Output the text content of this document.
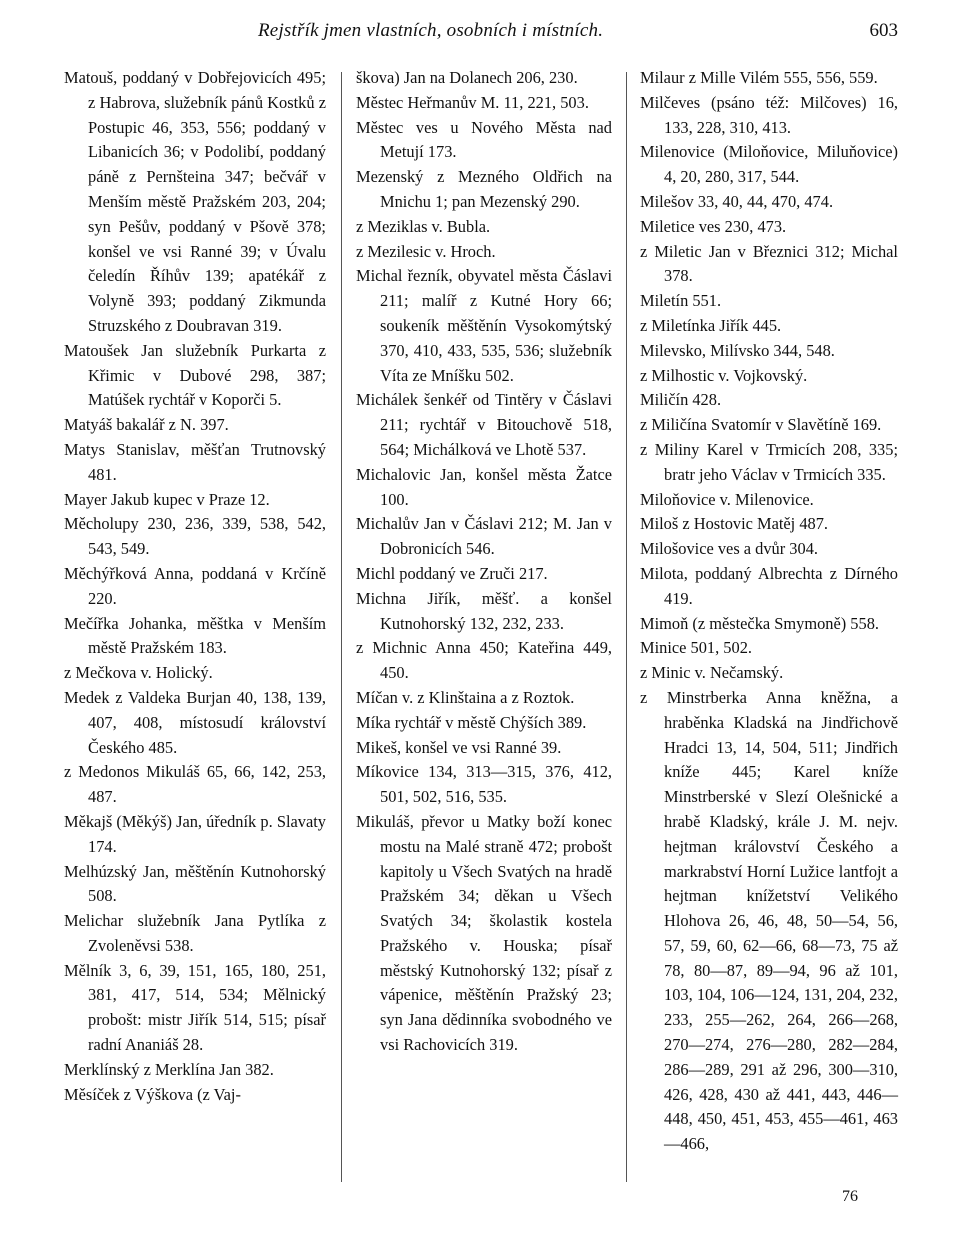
Rejstřík jmen vlastních, osobních i místních.	603

Matouš, poddaný v Dobřejovicích 495; z Habrova, služebník pánů Kostků z Postupic 46, 353, 556; poddaný v Libanicích 36; v Podolibí, poddaný páně z Pernšteina 347; bečvář v Menším městě Pražském 203, 204; syn Pešův, poddaný v Pšově 378; konšel ve vsi Ranné 39; v Úvalu čeledín Říhův 139; apatékář z Volyně 393; poddaný Zikmunda Struzského z Doubravan 319.

Matoušek Jan služebník Purkarta z Křimic v Dubové 298, 387; Matúšek rychtář v Koporči 5.

Matyáš bakalář z N. 397.

Matys Stanislav, měšťan Trutnovský 481.

Mayer Jakub kupec v Praze 12.

Měcholupy 230, 236, 339, 538, 542, 543, 549.

Měchýřková Anna, poddaná v Krčíně 220.

Mečířka Johanka, měštka v Menším městě Pražském 183.

z Mečkova v. Holický.

Medek z Valdeka Burjan 40, 138, 139, 407, 408, místosudí království Českého 485.

z Medonos Mikuláš 65, 66, 142, 253, 487.

Měkajš (Měkýš) Jan, úředník p. Slavaty 174.

Melhúzský Jan, měštěnín Kutnohorský 508.

Melichar služebník Jana Pytlíka z Zvoleněvsi 538.

Mělník 3, 6, 39, 151, 165, 180, 251, 381, 417, 514, 534; Mělnický probošt: mistr Jiřík 514, 515; písař radní Ananiáš 28.

Merklínský z Merklína Jan 382.

Měsíček z Výškova (z Vaj-

škova) Jan na Dolanech 206, 230.

Městec Heřmanův M. 11, 221, 503.

Městec ves u Nového Města nad Metují 173.

Mezenský z Mezného Oldřich na Mnichu 1; pan Mezenský 290.

z Meziklas v. Bubla.

z Mezilesic v. Hroch.

Michal řezník, obyvatel města Čáslavi 211; malíř z Kutné Hory 66; soukeník měštěnín Vysokomýtský 370, 410, 433, 535, 536; služebník Víta ze Mníšku 502.

Michálek šenkéř od Tintěry v Čáslavi 211; rychtář v Bitouchově 518, 564; Michálková ve Lhotě 537.

Michalovic Jan, konšel města Žatce 100.

Michalův Jan v Čáslavi 212; M. Jan v Dobronicích 546.

Michl poddaný ve Zruči 217.

Michna Jiřík, měšť. a konšel Kutnohorský 132, 232, 233.

z Michnic Anna 450; Kateřina 449, 450.

Míčan v. z Klinštaina a z Roztok.

Míka rychtář v městě Chýších 389.

Mikeš, konšel ve vsi Ranné 39.

Míkovice 134, 313—315, 376, 412, 501, 502, 516, 535.

Mikuláš, převor u Matky boží konec mostu na Malé straně 472; probošt kapitoly u Všech Svatých na hradě Pražském 34; děkan u Všech Svatých 34; školastik kostela Pražského v. Houska; písař městský Kutnohorský 132; písař z vápenice, měštěnín Pražský 23; syn Jana dědinníka svobodného ve vsi Rachovicích 319.

Milaur z Mille Vilém 555, 556, 559.

Milčeves (psáno též: Milčoves) 16, 133, 228, 310, 413.

Milenovice (Miloňovice, Miluňovice) 4, 20, 280, 317, 544.

Milešov 33, 40, 44, 470, 474.

Miletice ves 230, 473.

z Miletic Jan v Březnici 312; Michal 378.

Miletín 551.

z Miletínka Jiřík 445.

Milevsko, Milívsko 344, 548.

z Milhostic v. Vojkovský.

Miličín 428.

z Miličína Svatomír v Slavětíně 169.

z Miliny Karel v Trmicích 208, 335; bratr jeho Václav v Trmicích 335.

Miloňovice v. Milenovice.

Miloš z Hostovic Matěj 487.

Milošovice ves a dvůr 304.

Milota, poddaný Albrechta z Dírného 419.

Mimoň (z městečka Smymoně) 558.

Minice 501, 502.

z Minic v. Nečamský.

z Minstrberka Anna kněžna, a hraběnka Kladská na Jindřichově Hradci 13, 14, 504, 511; Jindřich kníže 445; Karel kníže Minstrberské v Slezí Olešnické a hrabě Kladský, krále J. M. nejv. hejtman království Českého a markrabství Horní Lužice lantfojt a hejtman knížetství Velikého Hlohova 26, 46, 48, 50—54, 56, 57, 59, 60, 62—66, 68—73, 75 až 78, 80—87, 89—94, 96 až 101, 103, 104, 106—124, 131, 204, 232, 233, 255—262, 264, 266—268, 270—274, 276—280, 282—284, 286—289, 291 až 296, 300—310, 426, 428, 430 až 441, 443, 446—448, 450, 451, 453, 455—461, 463—466,

76
